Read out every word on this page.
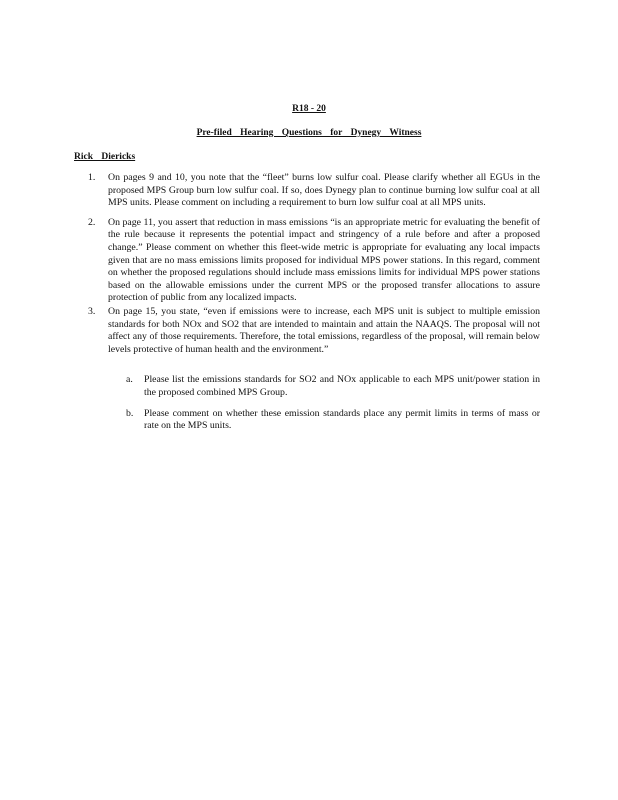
R18 - 20
Pre-filed Hearing Questions for Dynegy Witness
Rick Diericks
1. On pages 9 and 10, you note that the “fleet” burns low sulfur coal. Please clarify whether all EGUs in the proposed MPS Group burn low sulfur coal. If so, does Dynegy plan to continue burning low sulfur coal at all MPS units. Please comment on including a requirement to burn low sulfur coal at all MPS units.
2. On page 11, you assert that reduction in mass emissions “is an appropriate metric for evaluating the benefit of the rule because it represents the potential impact and stringency of a rule before and after a proposed change.” Please comment on whether this fleet-wide metric is appropriate for evaluating any local impacts given that are no mass emissions limits proposed for individual MPS power stations. In this regard, comment on whether the proposed regulations should include mass emissions limits for individual MPS power stations based on the allowable emissions under the current MPS or the proposed transfer allocations to assure protection of public from any localized impacts.
3. On page 15, you state, “even if emissions were to increase, each MPS unit is subject to multiple emission standards for both NOx and SO2 that are intended to maintain and attain the NAAQS. The proposal will not affect any of those requirements. Therefore, the total emissions, regardless of the proposal, will remain below levels protective of human health and the environment.”
a. Please list the emissions standards for SO2 and NOx applicable to each MPS unit/power station in the proposed combined MPS Group.
b. Please comment on whether these emission standards place any permit limits in terms of mass or rate on the MPS units.
